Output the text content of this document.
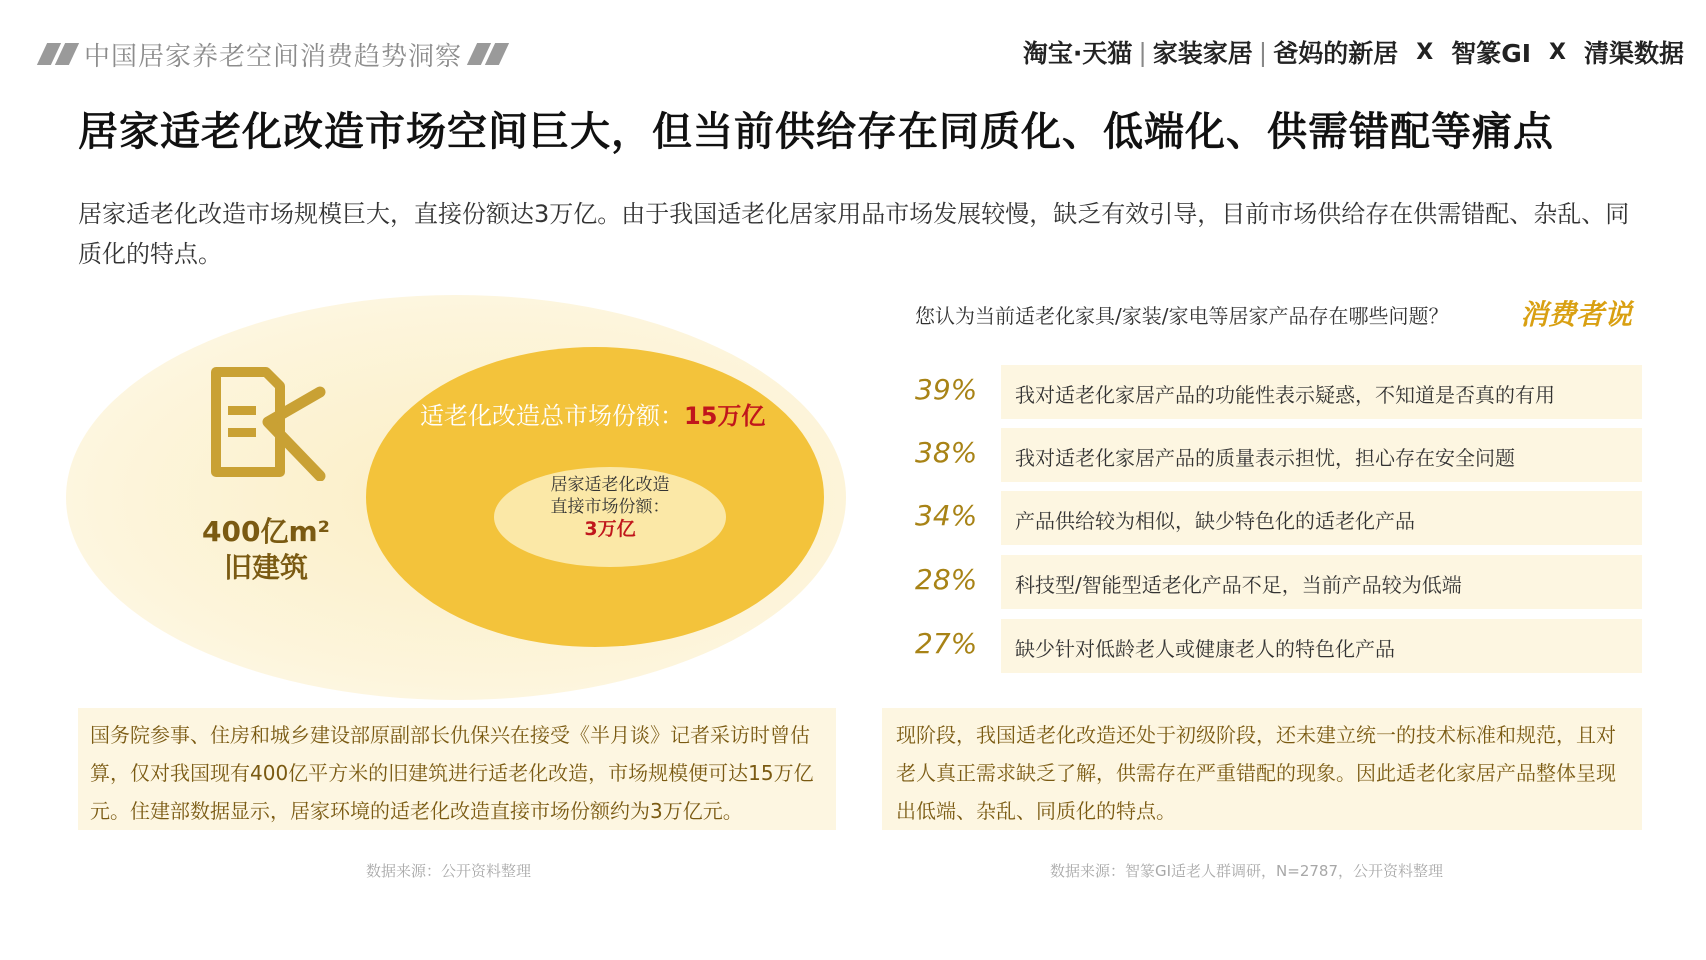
中国居家养老空间消费趋势洞察	淘宝·天猫 | 家装家居 | 爸妈的新居 X 智篆GI X 清渠数据
居家适老化改造市场空间巨大，但当前供给存在同质化、低端化、供需错配等痛点
居家适老化改造市场规模巨大，直接份额达3万亿。由于我国适老化居家用品市场发展较慢，缺乏有效引导，目前市场供给存在供需错配、杂乱、同质化的特点。
400亿m²
旧建筑
适老化改造总市场份额：15万亿
居家适老化改造
直接市场份额：
3万亿
国务院参事、住房和城乡建设部原副部长仇保兴在接受《半月谈》记者采访时曾估算，仅对我国现有400亿平方米的旧建筑进行适老化改造，市场规模便可达15万亿元。住建部数据显示，居家环境的适老化改造直接市场份额约为3万亿元。
数据来源：公开资料整理
您认为当前适老化家具/家装/家电等居家产品存在哪些问题？	消费者说
39% 我对适老化家居产品的功能性表示疑惑，不知道是否真的有用
38% 我对适老化家居产品的质量表示担忧，担心存在安全问题
34% 产品供给较为相似，缺少特色化的适老化产品
28% 科技型/智能型适老化产品不足，当前产品较为低端
27% 缺少针对低龄老人或健康老人的特色化产品
现阶段，我国适老化改造还处于初级阶段，还未建立统一的技术标准和规范，且对老人真正需求缺乏了解，供需存在严重错配的现象。因此适老化家居产品整体呈现出低端、杂乱、同质化的特点。
数据来源：智篆GI适老人群调研，N=2787，公开资料整理
